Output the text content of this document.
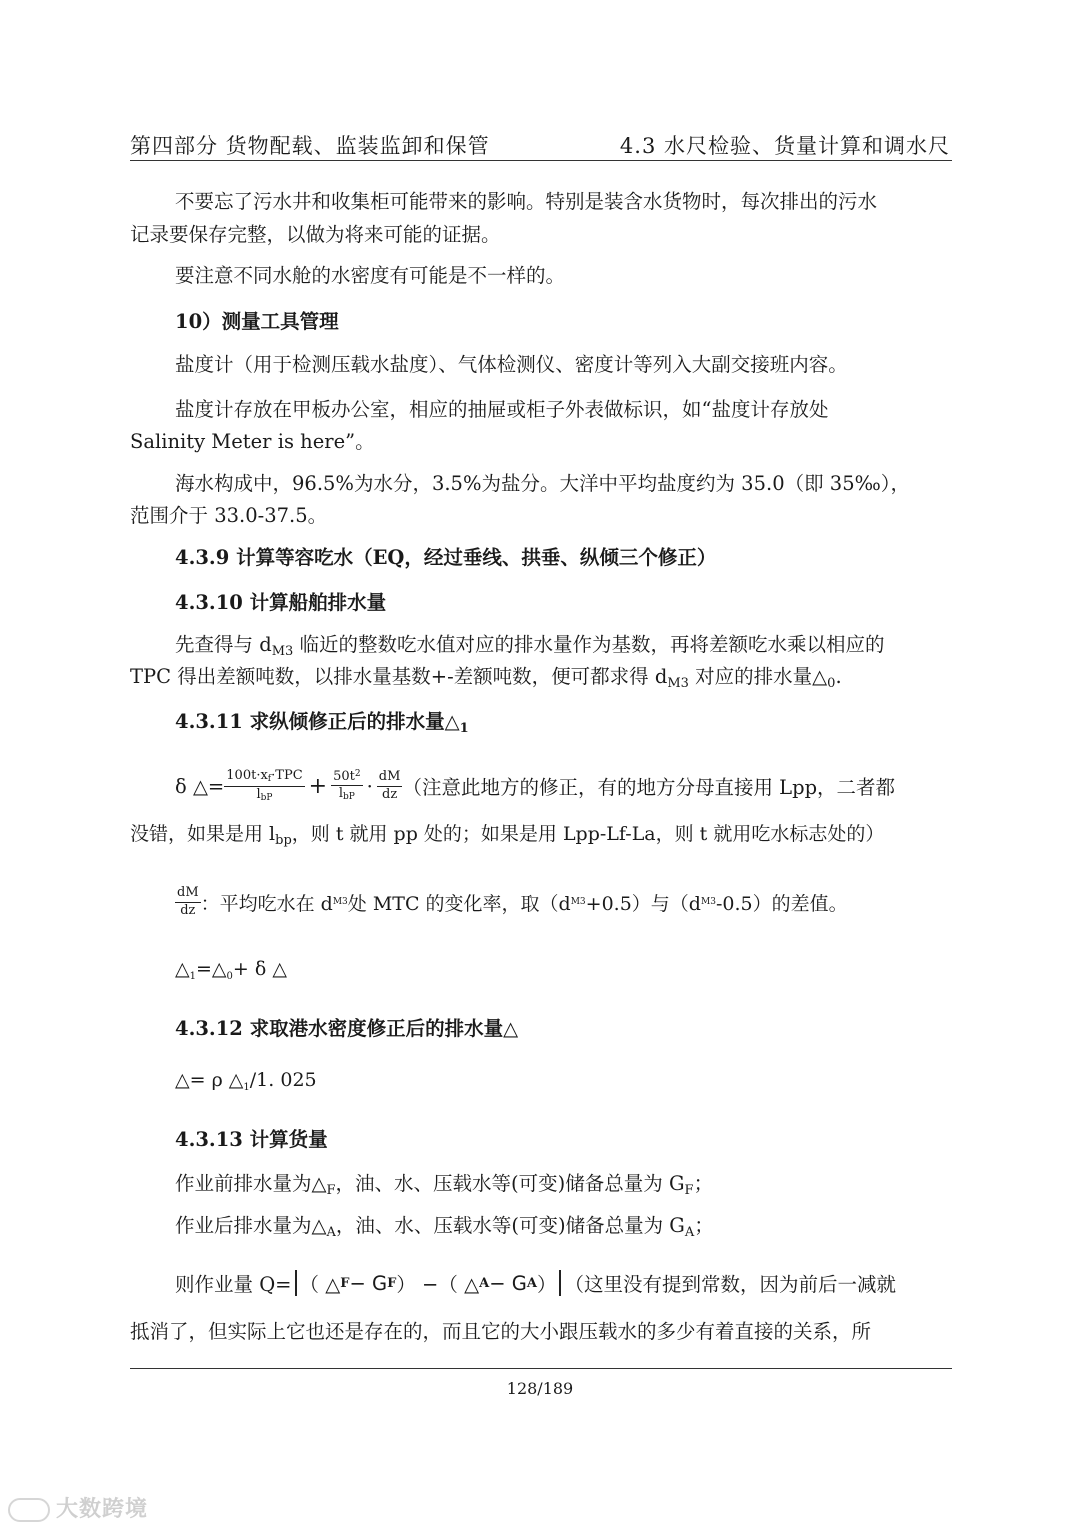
第四部分 货物配载、监装监卸和保管	4.3 水尺检验、货量计算和调水尺
不要忘了污水井和收集柜可能带来的影响。特别是装含水货物时，每次排出的污水
记录要保存完整，以做为将来可能的证据。
要注意不同水舱的水密度有可能是不一样的。
10）测量工具管理
盐度计（用于检测压载水盐度）、气体检测仪、密度计等列入大副交接班内容。
盐度计存放在甲板办公室，相应的抽屉或柜子外表做标识，如“盐度计存放处
Salinity Meter is here”。
海水构成中，96.5%为水分，3.5%为盐分。大洋中平均盐度约为 35.0（即 35‰），
范围介于 33.0-37.5。
4.3.9 计算等容吃水（EQ，经过垂线、拱垂、纵倾三个修正）
4.3.10 计算船舶排水量
先查得与 $d_{M3}$ 临近的整数吃水值对应的排水量作为基数，再将差额吃水乘以相应的
TPC 得出差额吨数，以排水量基数+-差额吨数，便可都求得 $d_{M3}$ 对应的排水量$\triangle_0$.
4.3.11 求纵倾修正后的排水量$\triangle_1$
δ △= $\frac{\text{100t·xf·TPC}}{\text{lbP}} + \frac{50t^2}{\text{lbP}} \cdot \frac{dM}{dz}$ （注意此地方的修正，有的地方分母直接用 Lpp，二者都
没错，如果是用 $l_{bp}$，则 t 就用 pp 处的；如果是用 Lpp-Lf-La，则 t 就用吃水标志处的）
$\frac{dM}{dz}$ ：平均吃水在 d M3 处 MTC 的变化率，取（d M3 +0.5）与（d M3 -0.5）的差值。
$\triangle_1=\triangle_0+ \delta$ △
4.3.12 求取港水密度修正后的排水量△
△= ρ $\triangle_1/1$. 025
4.3.13 计算货量
作业前排水量为$\triangle_F$，油、水、压载水等(可变)储备总量为 $G_F$；
作业后排水量为$\triangle_A$，油、水、压载水等(可变)储备总量为 $G_A$；
则作业量 Q= （ △ F − G F ） −（ △ A − G A ） （这里没有提到常数，因为前后一减就
抵消了，但实际上它也还是存在的，而且它的大小跟压载水的多少有着直接的关系，所
128/189
大数跨境
